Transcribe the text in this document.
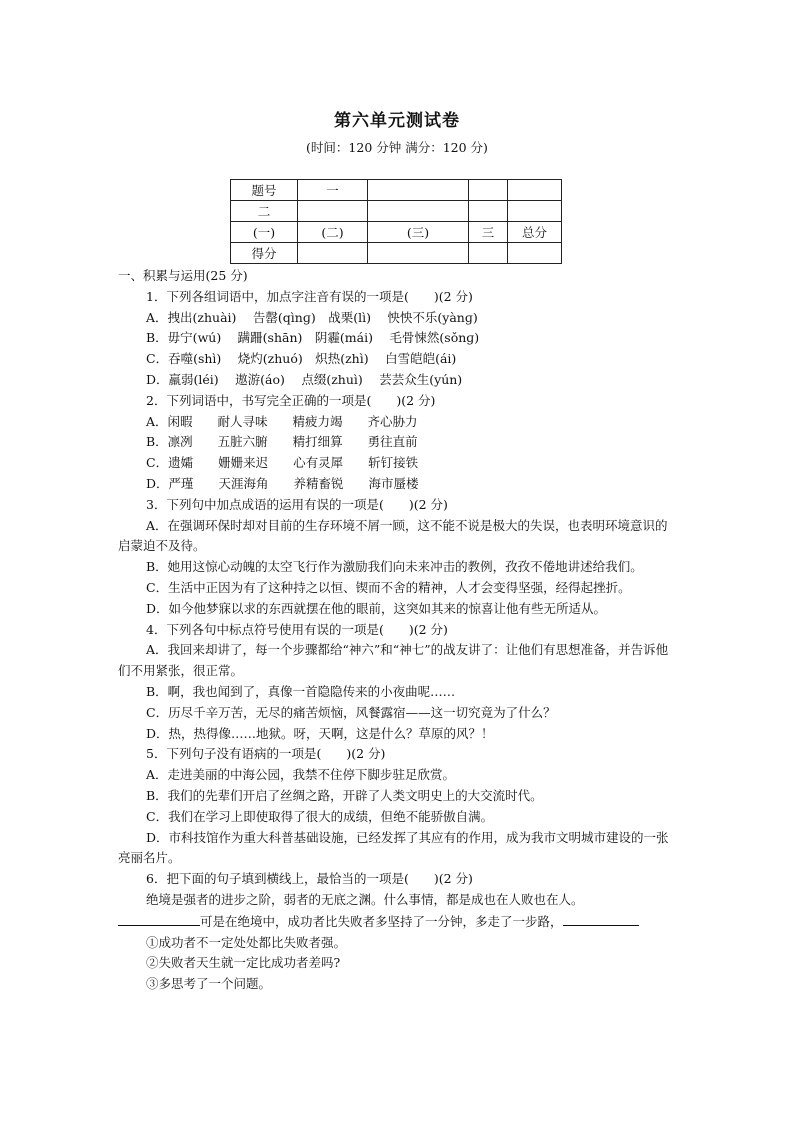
第六单元测试卷
(时间：120 分钟 满分：120 分)
题号	一			
二				
(一)	(二)	(三)	三	总分
得分				

一、积累与运用(25 分)

1．下列各组词语中，加点字注音有误的一项是(　　)(2 分)

A．拽出(zhuài)　 告罄(qìnɡ)　战栗(lì)　 怏怏不乐(yànɡ)

B．毋宁(wú)　 蹒跚(shān)　阴霾(mái)　 毛骨悚然(sǒnɡ)

C．吞噬(shì)　 烧灼(zhuó)　炽热(zhì)　 白雪皑皑(ái)

D．羸弱(léi)　 遨游(áo)　 点缀(zhuì)　 芸芸众生(yún)

2．下列词语中，书写完全正确的一项是(　　)(2 分)

A．闲暇　　耐人寻味　　精疲力竭　　齐心胁力

B．凛冽　　五脏六腑　　精打细算　　勇往直前

C．遗孀　　姗姗来迟　　心有灵犀　　斩钉接铁

D．严瑾　　天涯海角　　养精畜锐　　海市蜃楼

3．下列句中加点成语的运用有误的一项是(　　)(2 分)

A．在强调环保时却对目前的生存环境不屑一顾，这不能不说是极大的失误，也表明环境意识的启蒙迫不及待。

B．她用这惊心动魄的太空飞行作为激励我们向未来冲击的教例，孜孜不倦地讲述给我们。

C．生活中正因为有了这种持之以恒、锲而不舍的精神，人才会变得坚强，经得起挫折。

D．如今他梦寐以求的东西就摆在他的眼前，这突如其来的惊喜让他有些无所适从。

4．下列各句中标点符号使用有误的一项是(　　)(2 分)

A．我回来却讲了，每一个步骤都给“神六”和“神七”的战友讲了：让他们有思想准备，并告诉他们不用紧张，很正常。

B．啊，我也闻到了，真像一首隐隐传来的小夜曲呢……

C．历尽千辛万苦，无尽的痛苦烦恼，风餐露宿——这一切究竟为了什么？

D．热，热得像……地狱。呀，天啊，这是什么？草原的风？！

5．下列句子没有语病的一项是(　　)(2 分)

A．走进美丽的中海公园，我禁不住停下脚步驻足欣赏。

B．我们的先辈们开启了丝绸之路，开辟了人类文明史上的大交流时代。

C．我们在学习上即使取得了很大的成绩，但绝不能骄傲自满。

D．市科技馆作为重大科普基础设施，已经发挥了其应有的作用，成为我市文明城市建设的一张亮丽名片。

6．把下面的句子填到横线上，最恰当的一项是(　　)(2 分)

绝境是强者的进步之阶，弱者的无底之渊。什么事情，都是成也在人败也在人。

可是在绝境中，成功者比失败者多坚持了一分钟，多走了一步路，

①成功者不一定处处都比失败者强。

②失败者天生就一定比成功者差吗?

③多思考了一个问题。
